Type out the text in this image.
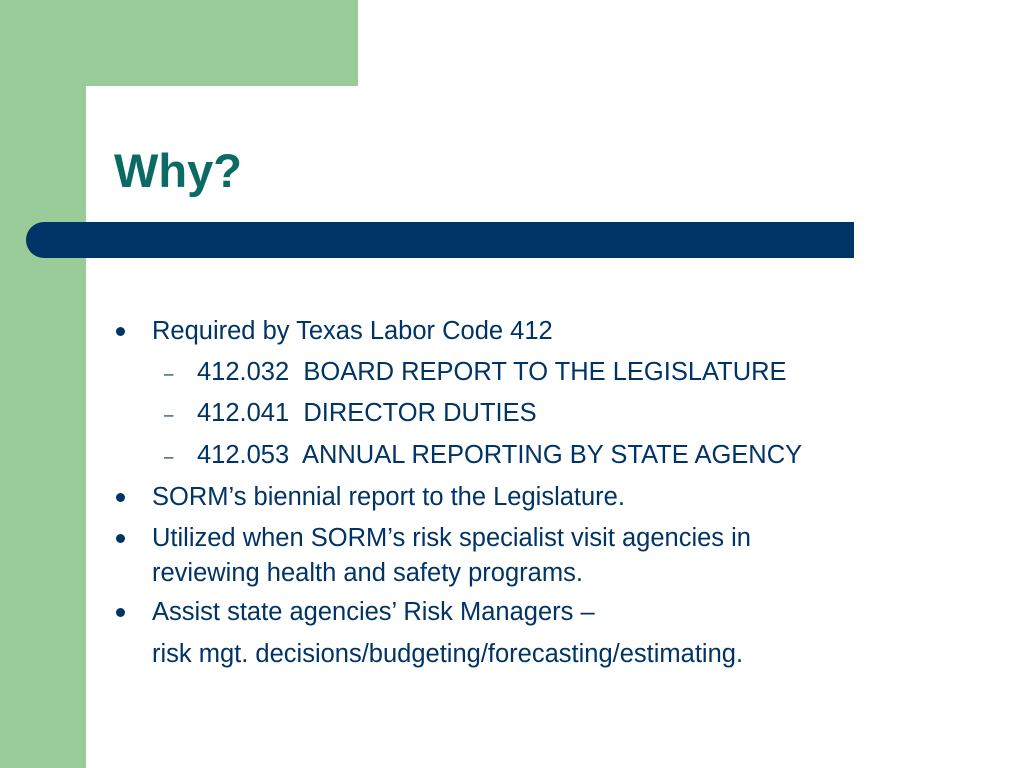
Why?
Required by Texas Labor Code 412
– 412.032  BOARD REPORT TO THE LEGISLATURE
– 412.041  DIRECTOR DUTIES
– 412.053  ANNUAL REPORTING BY STATE AGENCY
SORM’s biennial report to the Legislature.
Utilized when SORM’s risk specialist visit agencies in
reviewing health and safety programs.
Assist state agencies’ Risk Managers –
risk mgt. decisions/budgeting/forecasting/estimating.
